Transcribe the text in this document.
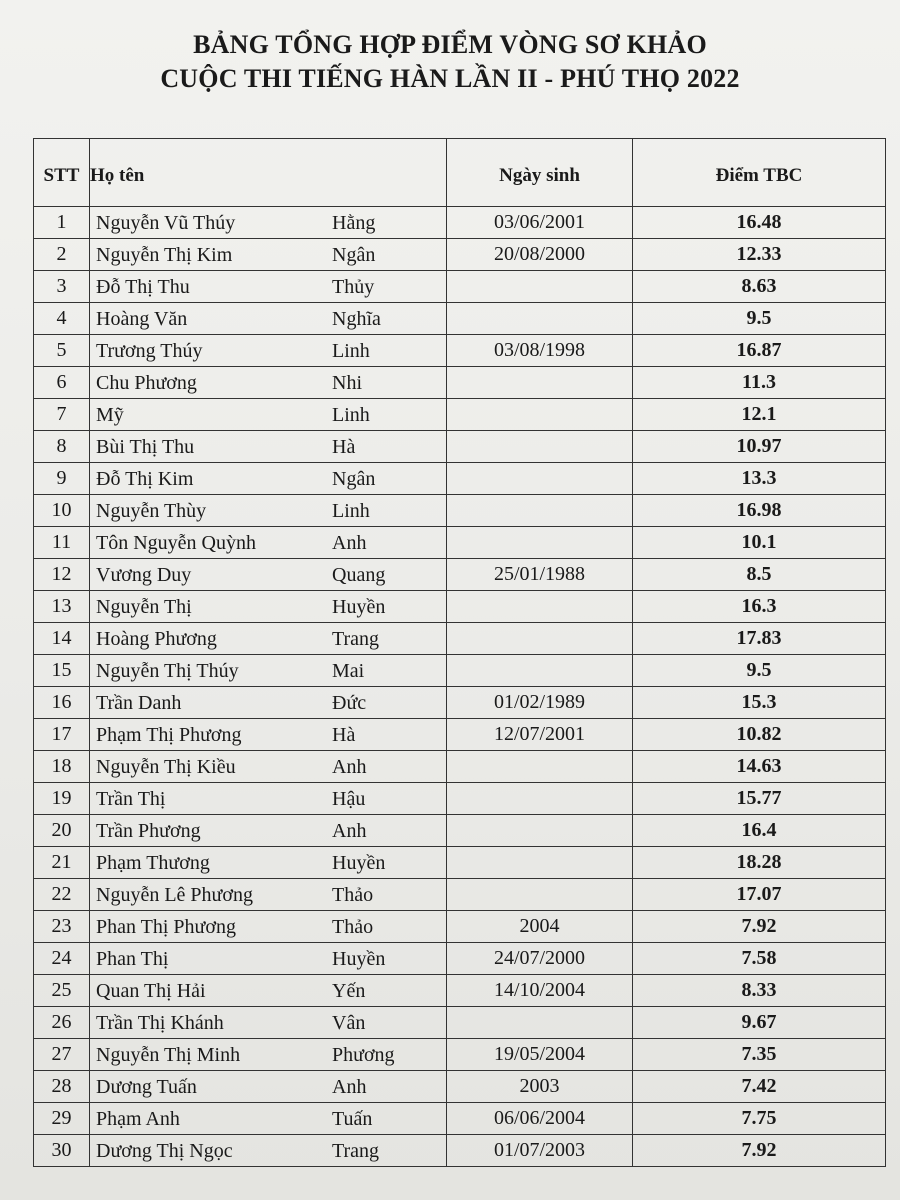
BẢNG TỔNG HỢP ĐIỂM VÒNG SƠ KHẢO
CUỘC THI TIẾNG HÀN LẦN II - PHÚ THỌ 2022
STT	Họ tên	Ngày sinh	Điểm TBC
1	Nguyễn Vũ Thúy Hằng	03/06/2001	16.48
2	Nguyễn Thị Kim Ngân	20/08/2000	12.33
3	Đỗ Thị Thu Thủy		8.63
4	Hoàng Văn Nghĩa		9.5
5	Trương Thúy Linh	03/08/1998	16.87
6	Chu Phương Nhi		11.3
7	Mỹ Linh		12.1
8	Bùi Thị Thu Hà		10.97
9	Đỗ Thị Kim Ngân		13.3
10	Nguyễn Thùy Linh		16.98
11	Tôn Nguyễn Quỳnh Anh		10.1
12	Vương Duy Quang	25/01/1988	8.5
13	Nguyễn Thị Huyền		16.3
14	Hoàng Phương Trang		17.83
15	Nguyễn Thị Thúy Mai		9.5
16	Trần Danh Đức	01/02/1989	15.3
17	Phạm Thị Phương Hà	12/07/2001	10.82
18	Nguyễn Thị Kiều Anh		14.63
19	Trần Thị Hậu		15.77
20	Trần Phương Anh		16.4
21	Phạm Thương Huyền		18.28
22	Nguyễn Lê Phương Thảo		17.07
23	Phan Thị Phương Thảo	2004	7.92
24	Phan Thị Huyền	24/07/2000	7.58
25	Quan Thị Hải Yến	14/10/2004	8.33
26	Trần Thị Khánh Vân		9.67
27	Nguyễn Thị Minh Phương	19/05/2004	7.35
28	Dương Tuấn Anh	2003	7.42
29	Phạm Anh Tuấn	06/06/2004	7.75
30	Dương Thị Ngọc Trang	01/07/2003	7.92
